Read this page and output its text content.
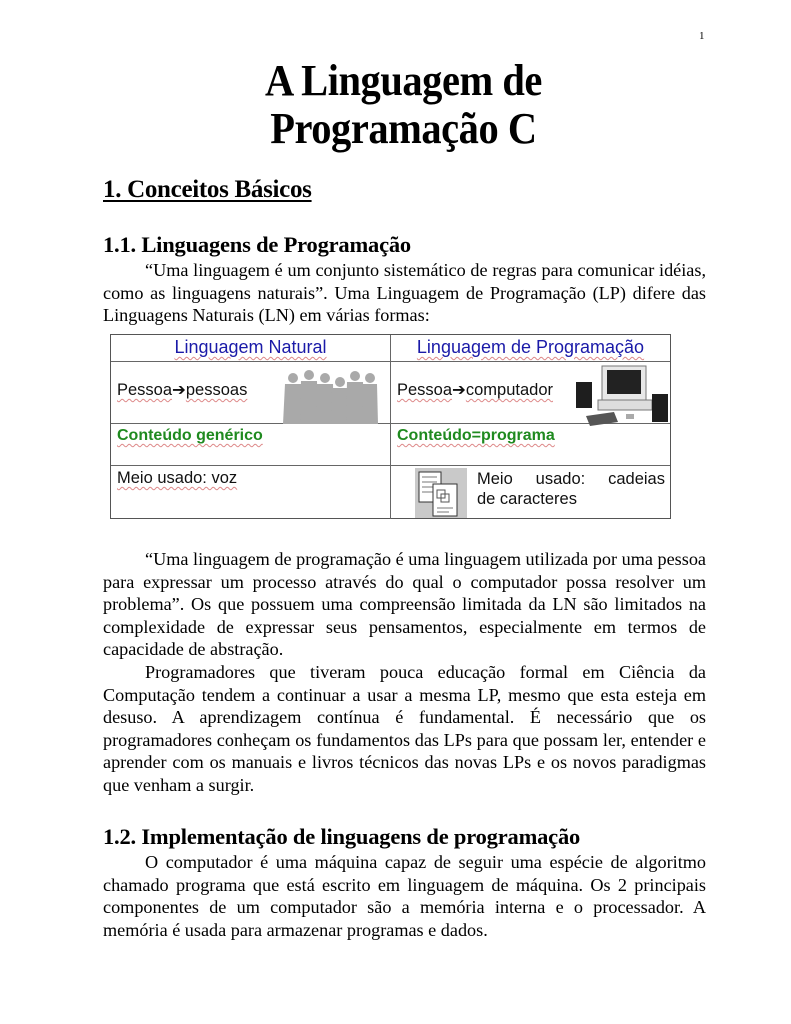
1
A Linguagem de
Programação C
1. Conceitos Básicos
1.1. Linguagens de Programação

“Uma linguagem é um conjunto sistemático de regras para comunicar idéias, como as linguagens naturais”. Uma Linguagem de Programação (LP) difere das Linguagens Naturais (LN) em várias formas:

Linguagem Natural	Linguagem de Programação
Pessoa➔pessoas	Pessoa➔computador
Conteúdo genérico	Conteúdo=programa
Meio usado: voz	Meio usado: cadeias
de caracteres

“Uma linguagem de programação é uma linguagem utilizada por uma pessoa para expressar um processo através do qual o computador possa resolver um problema”. Os que possuem uma compreensão limitada da LN são limitados na complexidade de expressar seus pensamentos, especialmente em termos de capacidade de abstração.

Programadores que tiveram pouca educação formal em Ciência da Computação tendem a continuar a usar a mesma LP, mesmo que esta esteja em desuso. A aprendizagem contínua é fundamental. É necessário que os programadores conheçam os fundamentos das LPs para que possam ler, entender e aprender com os manuais e livros técnicos das novas LPs e os novos paradigmas que venham a surgir.

1.2. Implementação de linguagens de programação

O computador é uma máquina capaz de seguir uma espécie de algoritmo chamado programa que está escrito em linguagem de máquina. Os 2 principais componentes de um computador são a memória interna e o processador. A memória é usada para armazenar programas e dados.
